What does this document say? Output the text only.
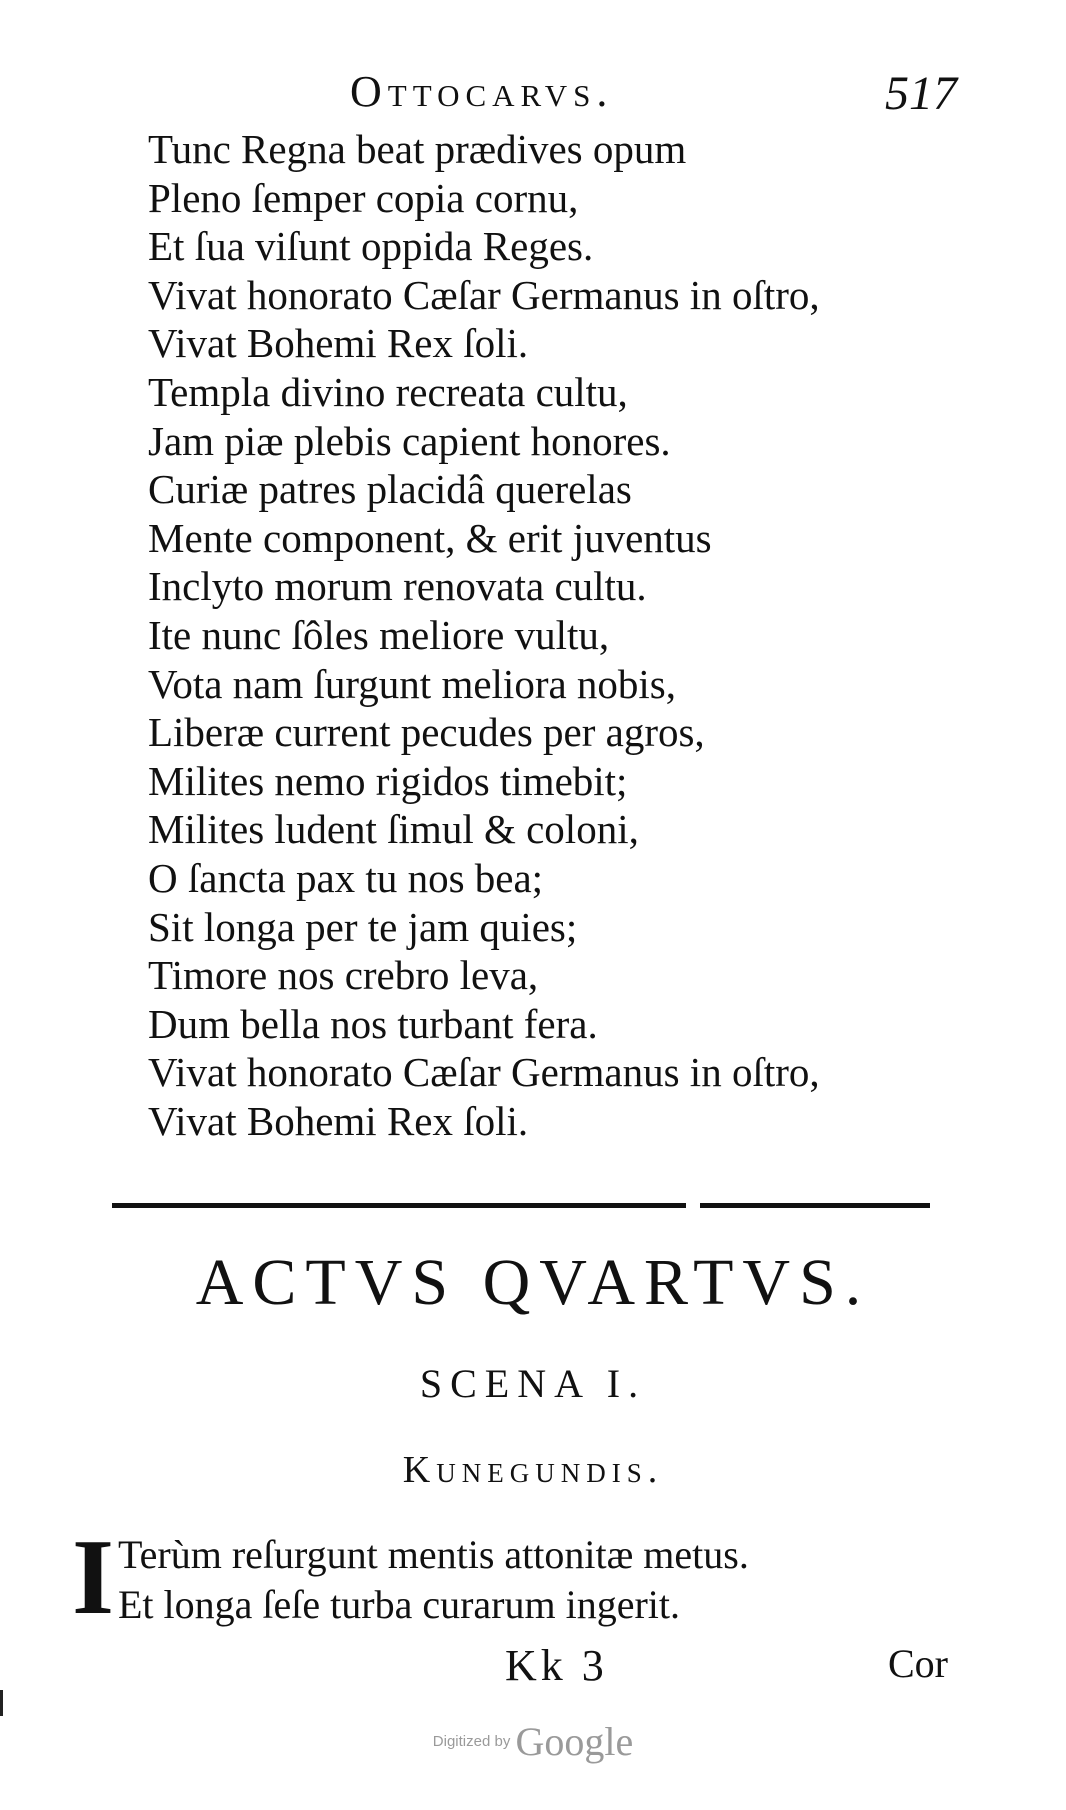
Ottocarvs.	517
Tunc Regna beat prædives opum
Pleno ſemper copia cornu,
Et ſua viſunt oppida Reges.
Vivat honorato Cæſar Germanus in oſtro,
Vivat Bohemi Rex ſoli.
Templa divino recreata cultu,
Jam piæ plebis capient honores.
Curiæ patres placidâ querelas
Mente component, & erit juventus
Inclyto morum renovata cultu.
Ite nunc ſôles meliore vultu,
Vota nam ſurgunt meliora nobis,
Liberæ current pecudes per agros,
Milites nemo rigidos timebit;
Milites ludent ſimul & coloni,
O ſancta pax tu nos bea;
Sit longa per te jam quies;
Timore nos crebro leva,
Dum bella nos turbant fera.
Vivat honorato Cæſar Germanus in oſtro,
Vivat Bohemi Rex ſoli.
ACTVS QVARTVS.
SCENA I.
Kunegundis.
I Terùm reſurgunt mentis attonitæ metus.
Et longa ſeſe turba curarum ingerit.
Kk 3	Cor
Digitized by Google
